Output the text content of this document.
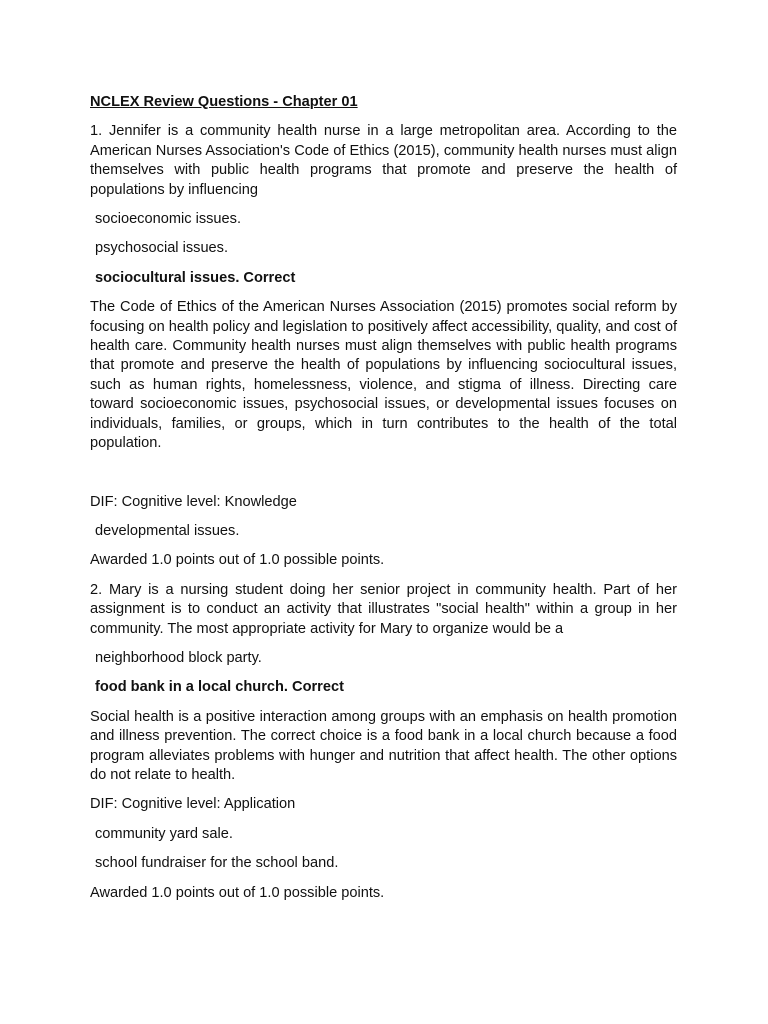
NCLEX Review Questions - Chapter 01

1. Jennifer is a community health nurse in a large metropolitan area. According to the American Nurses Association's Code of Ethics (2015), community health nurses must align themselves with public health programs that promote and preserve the health of populations by influencing

socioeconomic issues.

psychosocial issues.

sociocultural issues. Correct

The Code of Ethics of the American Nurses Association (2015) promotes social reform by focusing on health policy and legislation to positively affect accessibility, quality, and cost of health care. Community health nurses must align themselves with public health programs that promote and preserve the health of populations by influencing sociocultural issues, such as human rights, homelessness, violence, and stigma of illness. Directing care toward socioeconomic issues, psychosocial issues, or developmental issues focuses on individuals, families, or groups, which in turn contributes to the health of the total population.

DIF: Cognitive level: Knowledge

developmental issues.

Awarded 1.0 points out of 1.0 possible points.

2. Mary is a nursing student doing her senior project in community health. Part of her assignment is to conduct an activity that illustrates "social health" within a group in her community. The most appropriate activity for Mary to organize would be a

neighborhood block party.

food bank in a local church. Correct

Social health is a positive interaction among groups with an emphasis on health promotion and illness prevention. The correct choice is a food bank in a local church because a food program alleviates problems with hunger and nutrition that affect health. The other options do not relate to health.

DIF: Cognitive level: Application

community yard sale.

school fundraiser for the school band.

Awarded 1.0 points out of 1.0 possible points.
